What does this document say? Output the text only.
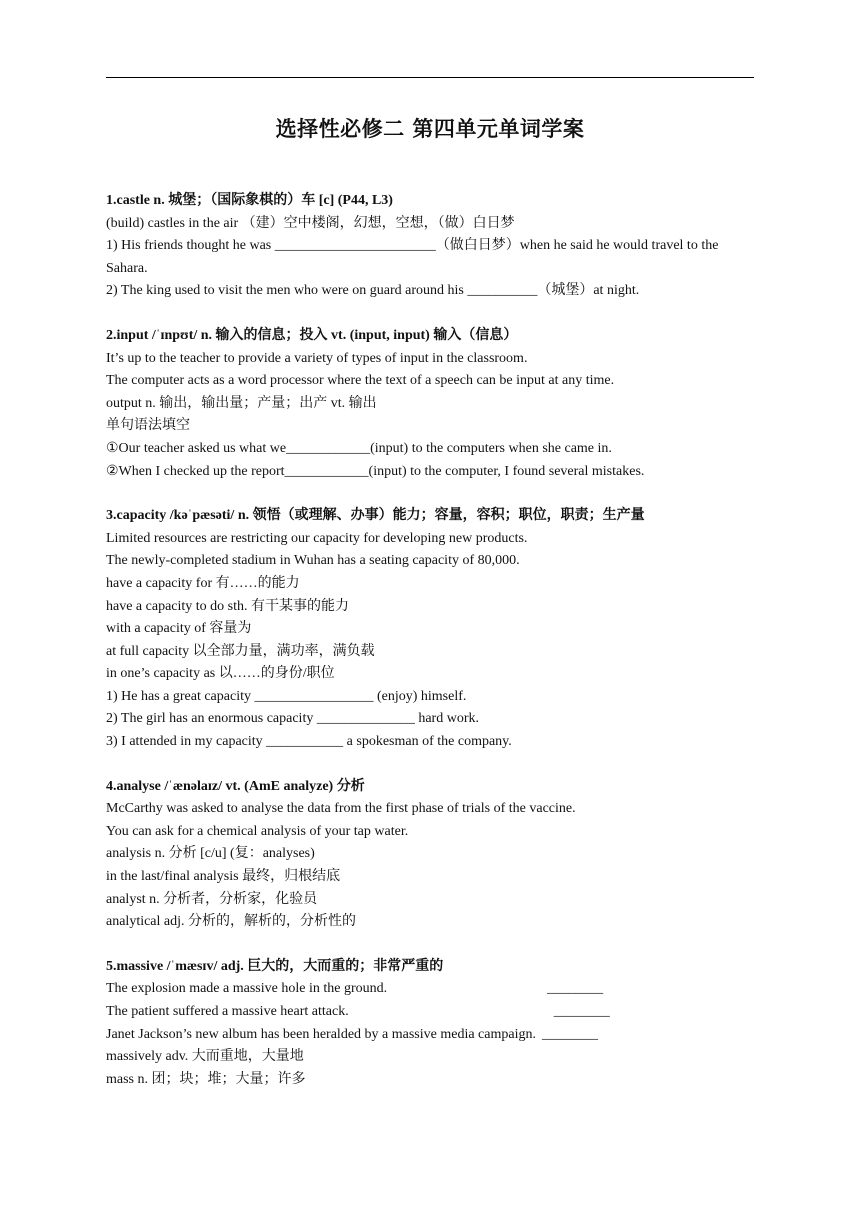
选择性必修二 第四单元单词学案
1.castle n. 城堡；（国际象棋的）车 [c] (P44, L3)
(build) castles in the air （建）空中楼阁，幻想，空想，（做）白日梦
1) His friends thought he was _______________________（做白日梦）when he said he would travel to the Sahara.
2) The king used to visit the men who were on guard around his __________（城堡）at night.
2.input /ˈɪnpʊt/ n. 输入的信息；投入 vt. (input, input) 输入（信息）
It’s up to the teacher to provide a variety of types of input in the classroom.
The computer acts as a word processor where the text of a speech can be input at any time.
output n. 输出，输出量；产量；出产 vt. 输出
单句语法填空
①Our teacher asked us what we____________(input) to the computers when she came in.
②When I checked up the report____________(input) to the computer, I found several mistakes.
3.capacity /kəˈpæsəti/ n. 领悟（或理解、办事）能力；容量，容积；职位，职责；生产量
Limited resources are restricting our capacity for developing new products.
The newly-completed stadium in Wuhan has a seating capacity of 80,000.
have a capacity for 有……的能力
have a capacity to do sth. 有干某事的能力
with a capacity of 容量为
at full capacity 以全部力量，满功率，满负载
in one’s capacity as 以……的身份/职位
1) He has a great capacity _________________ (enjoy) himself.
2) The girl has an enormous capacity ______________ hard work.
3) I attended in my capacity ___________ a spokesman of the company.
4.analyse /ˈænəlaɪz/ vt. (AmE analyze) 分析
McCarthy was asked to analyse the data from the first phase of trials of the vaccine.
You can ask for a chemical analysis of your tap water.
analysis n. 分析 [c/u] (复：analyses)
in the last/final analysis 最终，归根结底
analyst n. 分析者，分析家，化验员
analytical adj. 分析的，解析的，分析性的
5.massive /ˈmæsɪv/ adj. 巨大的，大而重的；非常严重的
The explosion made a massive hole in the ground.	________
The patient suffered a massive heart attack.	________
Janet Jackson’s new album has been heralded by a massive media campaign. ________
massively adv. 大而重地，大量地
mass n. 团；块；堆；大量；许多
